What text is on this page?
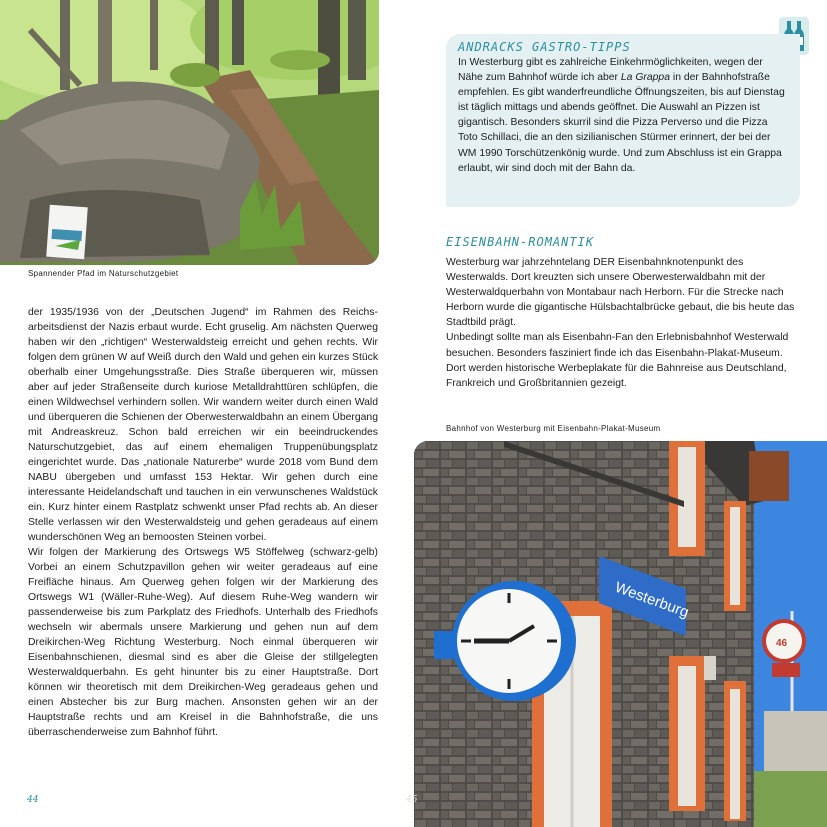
Spannender Pfad im Naturschutzgebiet

der 1935/1936 von der „Deutschen Jugend“ im Rahmen des Reichsarbeitsdienst der Nazis erbaut wurde. Echt gruselig. Am nächsten Querweg haben wir den „richtigen“ Westerwaldsteig erreicht und gehen rechts. Wir folgen dem grünen W auf Weiß durch den Wald und gehen ein kurzes Stück oberhalb einer Umgehungsstraße. Dies Straße überqueren wir, müssen aber auf jeder Straßenseite durch kuriose Metalldrahttüren schlüpfen, die einen Wildwechsel verhindern sollen. Wir wandern weiter durch einen Wald und überqueren die Schienen der Oberwesterwaldbahn an einem Übergang mit Andreaskreuz. Schon bald erreichen wir ein beeindruckendes Naturschutzgebiet, das auf einem ehemaligen Truppenübungsplatz eingerichtet wurde. Das „nationale Naturerbe“ wurde 2018 vom Bund dem NABU übergeben und umfasst 153 Hektar. Wir gehen durch eine interessante Heidelandschaft und tauchen in ein verwunschenes Waldstück ein. Kurz hinter einem Rastplatz schwenkt unser Pfad rechts ab. An dieser Stelle verlassen wir den Westerwaldsteig und gehen geradeaus auf einem wunderschönen Weg an bemoosten Steinen vorbei.

Wir folgen der Markierung des Ortswegs W5 Stöffelweg (schwarz-gelb) Vorbei an einem Schutzpavillon gehen wir weiter geradeaus auf eine Freifläche hinaus. Am Querweg gehen folgen wir der Markierung des Ortswegs W1 (Wäller-Ruhe-Weg). Auf diesem Ruhe-Weg wandern wir passenderweise bis zum Parkplatz des Friedhofs. Unterhalb des Friedhofs wechseln wir abermals unsere Markierung und gehen nun auf dem Dreikirchen-Weg Richtung Westerburg. Noch einmal überqueren wir Eisenbahnschienen, diesmal sind es aber die Gleise der stillgelegten Westerwaldquerbahn. Es geht hinunter bis zu einer Hauptstraße. Dort können wir theoretisch mit dem Dreikirchen-Weg geradeaus gehen und einen Abstecher bis zur Burg machen. Ansonsten gehen wir an der Hauptstraße rechts und am Kreisel in die Bahnhofstraße, die uns überraschenderweise zum Bahnhof führt.

44
ANDRACKS GASTRO-TIPPS
In Westerburg gibt es zahlreiche Einkehrmöglichkeiten, wegen der Nähe zum Bahnhof würde ich aber La Grappa in der Bahnhofstraße empfehlen. Es gibt wanderfreundliche Öffnungszeiten, bis auf Dienstag ist täglich mittags und abends geöffnet. Die Auswahl an Pizzen ist gigantisch. Besonders skurril sind die Pizza Perverso und die Pizza Toto Schillaci, die an den sizilianischen Stürmer erinnert, der bei der WM 1990 Torschützenkönig wurde. Und zum Abschluss ist ein Grappa erlaubt, wir sind doch mit der Bahn da.
EISENBAHN-ROMANTIK

Westerburg war jahrzehntelang DER Eisenbahnknotenpunkt des Westerwalds. Dort kreuzten sich unsere Oberwesterwaldbahn mit der Westerwaldquerbahn von Montabaur nach Herborn. Für die Strecke nach Herborn wurde die gigantische Hülsbachtalbrücke gebaut, die bis heute das Stadtbild prägt.

Unbedingt sollte man als Eisenbahn-Fan den Erlebnisbahnhof Westerwald besuchen. Besonders fasziniert finde ich das Eisenbahn-Plakat-Museum. Dort werden historische Werbeplakate für die Bahnreise aus Deutschland, Frankreich und Großbritannien gezeigt.

Bahnhof von Westerburg mit Eisenbahn-Plakat-Museum
Westerburg
46
45
